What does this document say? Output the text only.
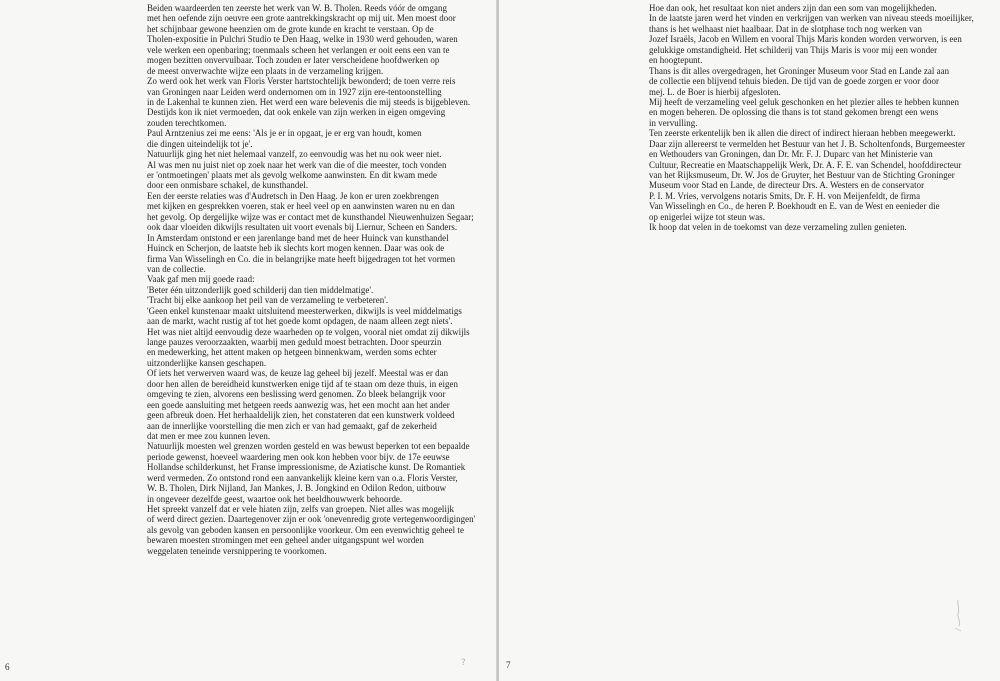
Beiden waardeerden ten zeerste het werk van W. B. Tholen. Reeds vóór de omgang
met hen oefende zijn oeuvre een grote aantrekkingskracht op mij uit. Men moest door
het schijnbaar gewone heenzien om de grote kunde en kracht te verstaan. Op de
Tholen-expositie in Pulchri Studio te Den Haag, welke in 1930 werd gehouden, waren
vele werken een openbaring; toenmaals scheen het verlangen er ooit eens een van te
mogen bezitten onvervulbaar. Toch zouden er later verscheidene hoofdwerken op
de meest onverwachte wijze een plaats in de verzameling krijgen.
Zo werd ook het werk van Floris Verster hartstochtelijk bewonderd; de toen verre reis
van Groningen naar Leiden werd ondernomen om in 1927 zijn ere-tentoonstelling
in de Lakenhal te kunnen zien. Het werd een ware belevenis die mij steeds is bijgebleven.
Destijds kon ik niet vermoeden, dat ook enkele van zijn werken in eigen omgeving
zouden terechtkomen.
Paul Arntzenius zei me eens: 'Als je er in opgaat, je er erg van houdt, komen
die dingen uiteindelijk tot je'.
Natuurlijk ging het niet helemaal vanzelf, zo eenvoudig was het nu ook weer niet.
Al was men nu juist niet op zoek naar het werk van die of die meester, toch vonden
er 'ontmoetingen' plaats met als gevolg welkome aanwinsten. En dit kwam mede
door een onmisbare schakel, de kunsthandel.
Een der eerste relaties was d'Audretsch in Den Haag. Je kon er uren zoekbrengen
met kijken en gesprekken voeren, stak er heel veel op en aanwinsten waren nu en dan
het gevolg. Op dergelijke wijze was er contact met de kunsthandel Nieuwenhuizen Segaar;
ook daar vloeiden dikwijls resultaten uit voort evenals bij Liernur, Scheen en Sanders.
In Amsterdam ontstond er een jarenlange band met de heer Huinck van kunsthandel
Huinck en Scherjon, de laatste heb ik slechts kort mogen kennen. Daar was ook de
firma Van Wisselingh en Co. die in belangrijke mate heeft bijgedragen tot het vormen
van de collectie.
Vaak gaf men mij goede raad:
'Beter één uitzonderlijk goed schilderij dan tien middelmatige'.
'Tracht bij elke aankoop het peil van de verzameling te verbeteren'.
'Geen enkel kunstenaar maakt uitsluitend meesterwerken, dikwijls is veel middelmatigs
aan de markt, wacht rustig af tot het goede komt opdagen, de naam alleen zegt niets'.
Het was niet altijd eenvoudig deze waarheden op te volgen, vooral niet omdat zij dikwijls
lange pauzes veroorzaakten, waarbij men geduld moest betrachten. Door speurzin
en medewerking, het attent maken op hetgeen binnenkwam, werden soms echter
uitzonderlijke kansen geschapen.
Of iets het verwerven waard was, de keuze lag geheel bij jezelf. Meestal was er dan
door hen allen de bereidheid kunstwerken enige tijd af te staan om deze thuis, in eigen
omgeving te zien, alvorens een beslissing werd genomen. Zo bleek belangrijk voor
een goede aansluiting met hetgeen reeds aanwezig was, het een mocht aan het ander
geen afbreuk doen. Het herhaaldelijk zien, het constateren dat een kunstwerk voldeed
aan de innerlijke voorstelling die men zich er van had gemaakt, gaf de zekerheid
dat men er mee zou kunnen leven.
Natuurlijk moesten wel grenzen worden gesteld en was bewust beperken tot een bepaalde
periode gewenst, hoeveel waardering men ook kon hebben voor bijv. de 17e eeuwse
Hollandse schilderkunst, het Franse impressionisme, de Aziatische kunst. De Romantiek
werd vermeden. Zo ontstond rond een aanvankelijk kleine kern van o.a. Floris Verster,
W. B. Tholen, Dirk Nijland, Jan Mankes, J. B. Jongkind en Odilon Redon, uitbouw
in ongeveer dezelfde geest, waartoe ook het beeldhouwwerk behoorde.
Het spreekt vanzelf dat er vele hiaten zijn, zelfs van groepen. Niet alles was mogelijk
of werd direct gezien. Daartegenover zijn er ook 'onevenredig grote vertegenwoordigingen'
als gevolg van geboden kansen en persoonlijke voorkeur. Om een evenwichtig geheel te
bewaren moesten stromingen met een geheel ander uitgangspunt wel worden
weggelaten teneinde versnippering te voorkomen.
6	?
Hoe dan ook, het resultaat kon niet anders zijn dan een som van mogelijkheden.
In de laatste jaren werd het vinden en verkrijgen van werken van niveau steeds moeilijker,
thans is het welhaast niet haalbaar. Dat in de slotphase toch nog werken van
Jozef Israëls, Jacob en Willem en vooral Thijs Maris konden worden verworven, is een
gelukkige omstandigheid. Het schilderij van Thijs Maris is voor mij een wonder
en hoogtepunt.
Thans is dit alles overgedragen, het Groninger Museum voor Stad en Lande zal aan
de collectie een blijvend tehuis bieden. De tijd van de goede zorgen er voor door
mej. L. de Boer is hierbij afgesloten.
Mij heeft de verzameling veel geluk geschonken en het plezier alles te hebben kunnen
en mogen beheren. De oplossing die thans is tot stand gekomen brengt een wens
in vervulling.
Ten zeerste erkentelijk ben ik allen die direct of indirect hieraan hebben meegewerkt.
Daar zijn allereerst te vermelden het Bestuur van het J. B. Scholtenfonds, Burgemeester
en Wethouders van Groningen, dan Dr. Mr. F. J. Duparc van het Ministerie van
Cultuur, Recreatie en Maatschappelijk Werk, Dr. A. F. E. van Schendel, hoofddirecteur
van het Rijksmuseum, Dr. W. Jos de Gruyter, het Bestuur van de Stichting Groninger
Museum voor Stad en Lande, de directeur Drs. A. Westers en de conservator
P. I. M. Vries, vervolgens notaris Smits, Dr. F. H. von Meijenfeldt, de firma
Van Wisselingh en Co., de heren P. Boekhoudt en E. van de West en eenieder die
op enigerlei wijze tot steun was.
Ik hoop dat velen in de toekomst van deze verzameling zullen genieten.
7
